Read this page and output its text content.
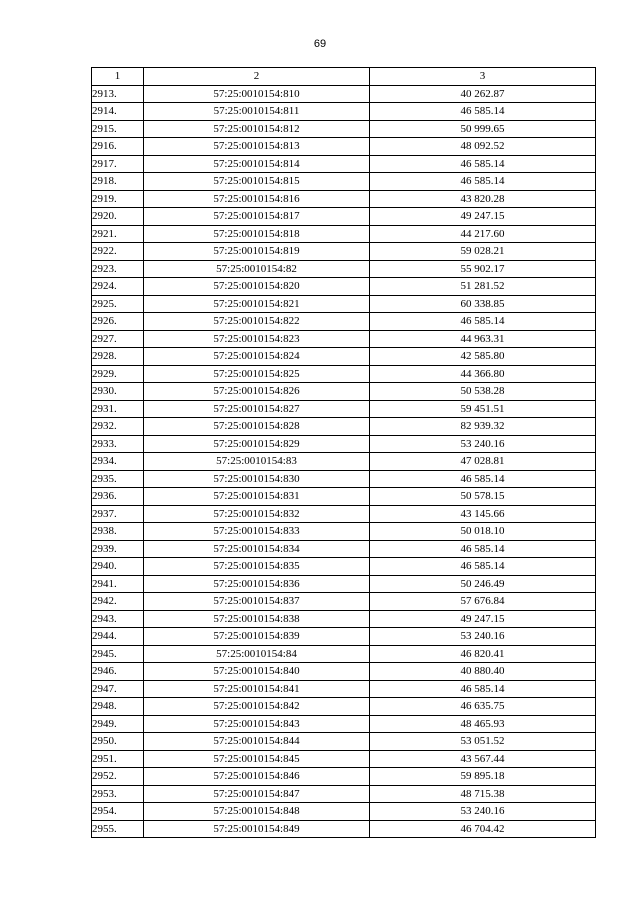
69
1	2	3
2913.	57:25:0010154:810	40 262.87
2914.	57:25:0010154:811	46 585.14
2915.	57:25:0010154:812	50 999.65
2916.	57:25:0010154:813	48 092.52
2917.	57:25:0010154:814	46 585.14
2918.	57:25:0010154:815	46 585.14
2919.	57:25:0010154:816	43 820.28
2920.	57:25:0010154:817	49 247.15
2921.	57:25:0010154:818	44 217.60
2922.	57:25:0010154:819	59 028.21
2923.	57:25:0010154:82	55 902.17
2924.	57:25:0010154:820	51 281.52
2925.	57:25:0010154:821	60 338.85
2926.	57:25:0010154:822	46 585.14
2927.	57:25:0010154:823	44 963.31
2928.	57:25:0010154:824	42 585.80
2929.	57:25:0010154:825	44 366.80
2930.	57:25:0010154:826	50 538.28
2931.	57:25:0010154:827	59 451.51
2932.	57:25:0010154:828	82 939.32
2933.	57:25:0010154:829	53 240.16
2934.	57:25:0010154:83	47 028.81
2935.	57:25:0010154:830	46 585.14
2936.	57:25:0010154:831	50 578.15
2937.	57:25:0010154:832	43 145.66
2938.	57:25:0010154:833	50 018.10
2939.	57:25:0010154:834	46 585.14
2940.	57:25:0010154:835	46 585.14
2941.	57:25:0010154:836	50 246.49
2942.	57:25:0010154:837	57 676.84
2943.	57:25:0010154:838	49 247.15
2944.	57:25:0010154:839	53 240.16
2945.	57:25:0010154:84	46 820.41
2946.	57:25:0010154:840	40 880.40
2947.	57:25:0010154:841	46 585.14
2948.	57:25:0010154:842	46 635.75
2949.	57:25:0010154:843	48 465.93
2950.	57:25:0010154:844	53 051.52
2951.	57:25:0010154:845	43 567.44
2952.	57:25:0010154:846	59 895.18
2953.	57:25:0010154:847	48 715.38
2954.	57:25:0010154:848	53 240.16
2955.	57:25:0010154:849	46 704.42
